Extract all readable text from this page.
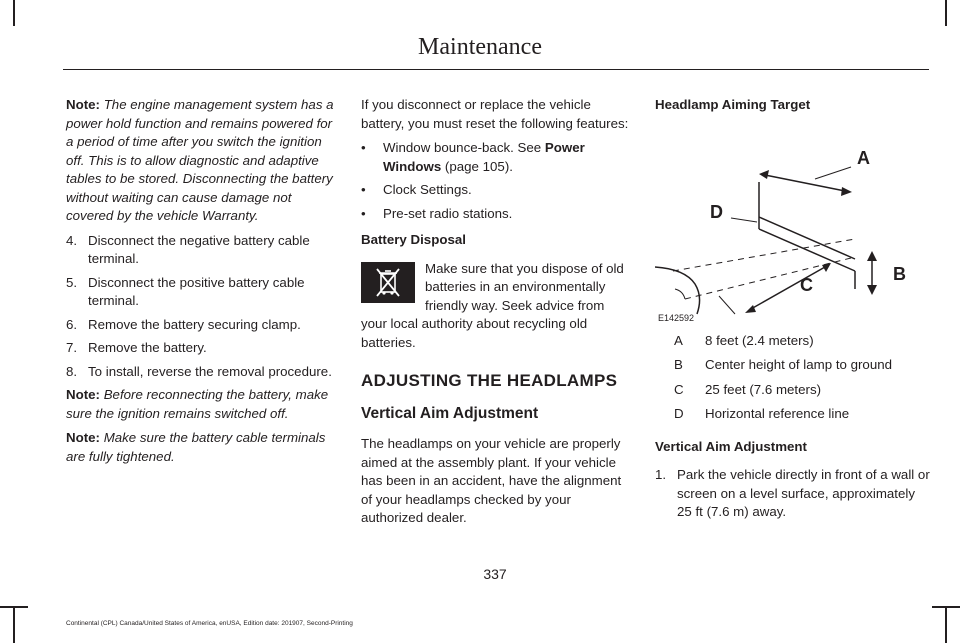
Maintenance

Note: The engine management system has a power hold function and remains powered for a period of time after you switch the ignition off. This is to allow diagnostic and adaptive tables to be stored. Disconnecting the battery without waiting can cause damage not covered by the vehicle Warranty.

4. Disconnect the negative battery cable terminal.
5. Disconnect the positive battery cable terminal.
6. Remove the battery securing clamp.
7. Remove the battery.
8. To install, reverse the removal procedure.

Note: Before reconnecting the battery, make sure the ignition remains switched off.

Note: Make sure the battery cable terminals are fully tightened.

If you disconnect or replace the vehicle battery, you must reset the following features:

•	Window bounce-back. See Power Windows (page 105).
•	Clock Settings.
•	Pre-set radio stations.
Battery Disposal

Make sure that you dispose of old batteries in an environmentally friendly way. Seek advice from your local authority about recycling old batteries.

ADJUSTING THE HEADLAMPS
Vertical Aim Adjustment

The headlamps on your vehicle are properly aimed at the assembly plant. If your vehicle has been in an accident, have the alignment of your headlamps checked by your authorized dealer.

Headlamp Aiming Target
A
B
C
D
E142592
A	8 feet (2.4 meters)
B	Center height of lamp to ground
C	25 feet (7.6 meters)
D	Horizontal reference line
Vertical Aim Adjustment
1. Park the vehicle directly in front of a wall or screen on a level surface, approximately 25 ft (7.6 m) away.
337
Continental (CPL) Canada/United States of America, enUSA, Edition date: 201907, Second-Printing
